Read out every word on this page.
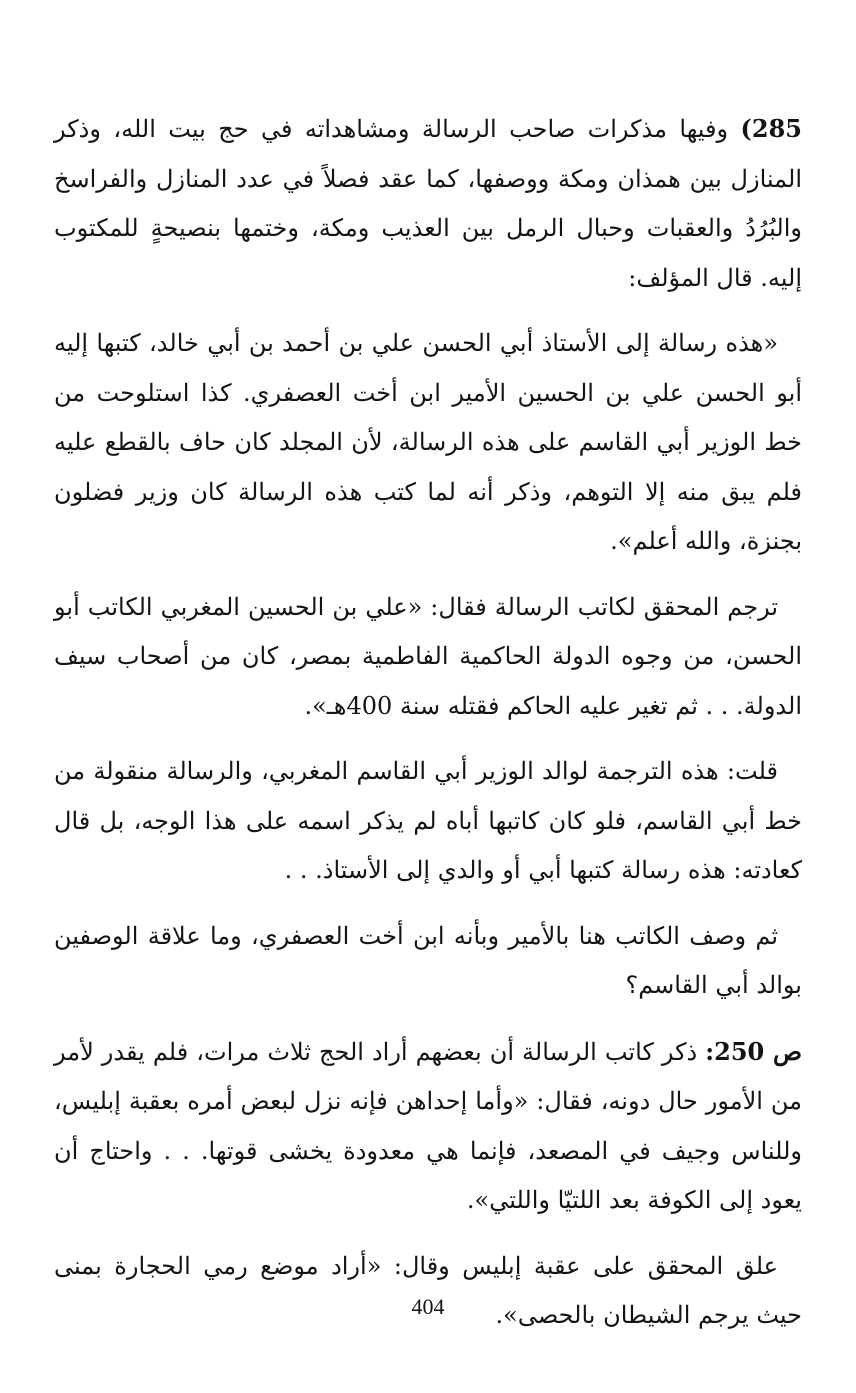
285) وفيها مذكرات صاحب الرسالة ومشاهداته في حج بيت الله، وذكر المنازل بين همذان ومكة ووصفها، كما عقد فصلاً في عدد المنازل والفراسخ والبُرُدُ والعقبات وحبال الرمل بين العذيب ومكة، وختمها بنصيحةٍ للمكتوب إليه. قال المؤلف:

«هذه رسالة إلى الأستاذ أبي الحسن علي بن أحمد بن أبي خالد، كتبها إليه أبو الحسن علي بن الحسين الأمير ابن أخت العصفري. كذا استلوحت من خط الوزير أبي القاسم على هذه الرسالة، لأن المجلد كان حاف بالقطع عليه فلم يبق منه إلا التوهم، وذكر أنه لما كتب هذه الرسالة كان وزير فضلون بجنزة، والله أعلم».

ترجم المحقق لكاتب الرسالة فقال: «علي بن الحسين المغربي الكاتب أبو الحسن، من وجوه الدولة الحاكمية الفاطمية بمصر، كان من أصحاب سيف الدولة. . . ثم تغير عليه الحاكم فقتله سنة 400هـ».

قلت: هذه الترجمة لوالد الوزير أبي القاسم المغربي، والرسالة منقولة من خط أبي القاسم، فلو كان كاتبها أباه لم يذكر اسمه على هذا الوجه، بل قال كعادته: هذه رسالة كتبها أبي أو والدي إلى الأستاذ. . .

ثم وصف الكاتب هنا بالأمير وبأنه ابن أخت العصفري، وما علاقة الوصفين بوالد أبي القاسم؟

ص 250: ذكر كاتب الرسالة أن بعضهم أراد الحج ثلاث مرات، فلم يقدر لأمر من الأمور حال دونه، فقال: «وأما إحداهن فإنه نزل لبعض أمره بعقبة إبليس، وللناس وجيف في المصعد، فإنما هي معدودة يخشى قوتها. . . واحتاج أن يعود إلى الكوفة بعد اللتيّا واللتي».

علق المحقق على عقبة إبليس وقال: «أراد موضع رمي الحجارة بمنى حيث يرجم الشيطان بالحصى».

404
